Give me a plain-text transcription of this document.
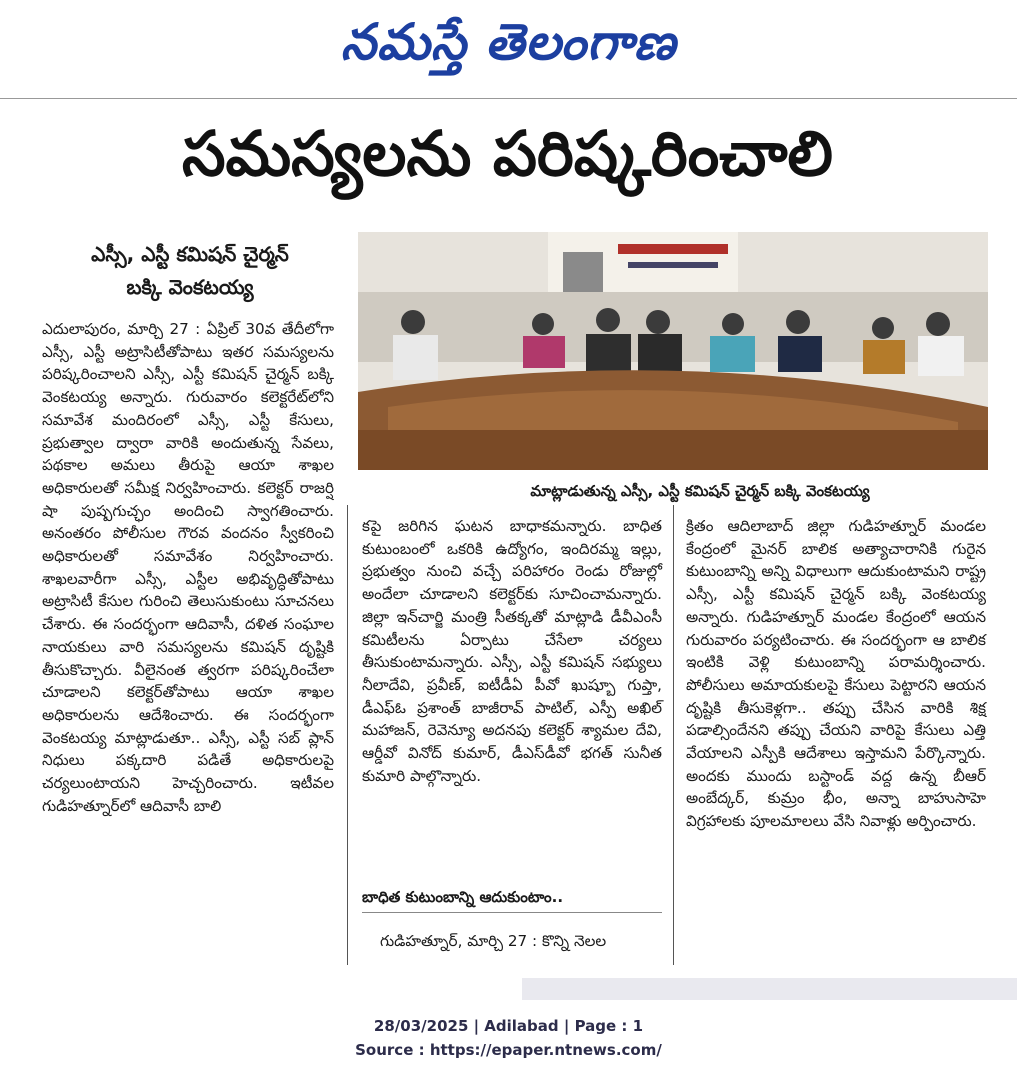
నమస్తే తెలంగాణ
సమస్యలను పరిష్కరించాలి
ఎస్సీ, ఎస్టీ కమిషన్ చైర్మన్
బక్కి వెంకటయ్య

ఎదులాపురం, మార్చి 27 : ఏప్రిల్ 30వ తేదీలోగా ఎస్సీ, ఎస్టీ అట్రాసిటీతోపాటు ఇతర సమస్యలను పరిష్కరించాలని ఎస్సీ, ఎస్టీ కమిషన్ చైర్మన్ బక్కి వెంకటయ్య అన్నారు. గురువారం కలెక్టరేట్‌లోని సమావేశ మందిరంలో ఎస్సీ, ఎస్టీ కేసులు, ప్రభుత్వాల ద్వారా వారికి అందుతున్న సేవలు, పథకాల అమలు తీరుపై ఆయా శాఖల అధికారులతో సమీక్ష నిర్వహించారు. కలెక్టర్ రాజర్షి షా పుష్పగుచ్ఛం అందించి స్వాగతించారు. అనంతరం పోలీసుల గౌరవ వందనం స్వీకరించి అధికారులతో సమావేశం నిర్వహించారు. శాఖలవారీగా ఎస్సీ, ఎస్టీల అభివృద్ధితోపాటు అట్రాసిటీ కేసుల గురించి తెలుసుకుంటు సూచనలు చేశారు. ఈ సందర్భంగా ఆదివాసీ, దళిత సంఘాల నాయకులు వారి సమస్యలను కమిషన్ దృష్టికి తీసుకొచ్చారు. వీలైనంత త్వరగా పరిష్కరించేలా చూడాలని కలెక్టర్‌తోపాటు ఆయా శాఖల అధికారులను ఆదేశించారు. ఈ సందర్భంగా వెంకటయ్య మాట్లాడుతూ.. ఎస్సీ, ఎస్టీ సబ్ ప్లాన్ నిధులు పక్కదారి పడితే అధికారులపై చర్యలుంటాయని హెచ్చరించారు. ఇటీవల గుడిహత్నూర్‌లో ఆదివాసీ బాలి

మాట్లాడుతున్న ఎస్సీ, ఎస్టీ కమిషన్ చైర్మన్ బక్కి వెంకటయ్య

కపై జరిగిన ఘటన బాధాకమన్నారు. బాధిత కుటుంబంలో ఒకరికి ఉద్యోగం, ఇందిరమ్మ ఇల్లు, ప్రభుత్వం నుంచి వచ్చే పరిహారం రెండు రోజుల్లో అందేలా చూడాలని కలెక్టర్‌కు సూచించామన్నారు. జిల్లా ఇన్‌చార్జి మంత్రి సీతక్కతో మాట్లాడి డీవీఎంసీ కమిటీలను ఏర్పాటు చేసేలా చర్యలు తీసుకుంటామన్నారు. ఎస్సీ, ఎస్టీ కమిషన్ సభ్యులు నీలాదేవి, ప్రవీణ్, ఐటీడీఏ పీవో ఖుష్బూ గుప్తా, డీఎఫ్‌ఓ ప్రశాంత్ బాజీరావ్ పాటిల్, ఎస్పీ అఖిల్ మహాజన్, రెవెన్యూ అదనపు కలెక్టర్ శ్యామల దేవి, ఆర్డీవో వినోద్ కుమార్, డీఎస్‌డీవో భగత్ సునీత కుమారి పాల్గొన్నారు.

బాధిత కుటుంబాన్ని ఆదుకుంటాం..

గుడిహత్నూర్, మార్చి 27 : కొన్ని నెలల

క్రితం ఆదిలాబాద్ జిల్లా గుడిహత్నూర్ మండల కేంద్రంలో మైనర్ బాలిక అత్యాచారానికి గురైన కుటుంబాన్ని అన్ని విధాలుగా ఆదుకుంటామని రాష్ట్ర ఎస్సీ, ఎస్టీ కమిషన్ చైర్మన్ బక్కి వెంకటయ్య అన్నారు. గుడిహత్నూర్ మండల కేంద్రంలో ఆయన గురువారం పర్యటించారు. ఈ సందర్భంగా ఆ బాలిక ఇంటికి వెళ్లి కుటుంబాన్ని పరామర్శించారు. పోలీసులు అమాయకులపై కేసులు పెట్టారని ఆయన దృష్టికి తీసుకెళ్లగా.. తప్పు చేసిన వారికి శిక్ష పడాల్సిందేనని తప్పు చేయని వారిపై కేసులు ఎత్తి వేయాలని ఎస్పీకి ఆదేశాలు ఇస్తామని పేర్కొన్నారు. అందకు ముందు బస్టాండ్ వద్ద ఉన్న బీఆర్ అంబేద్కర్, కుమ్రం భీం, అన్నా బాహుసాహె విగ్రహాలకు పూలమాలలు వేసి నివాళ్లు అర్పించారు.

28/03/2025 | Adilabad | Page : 1
Source : https://epaper.ntnews.com/
